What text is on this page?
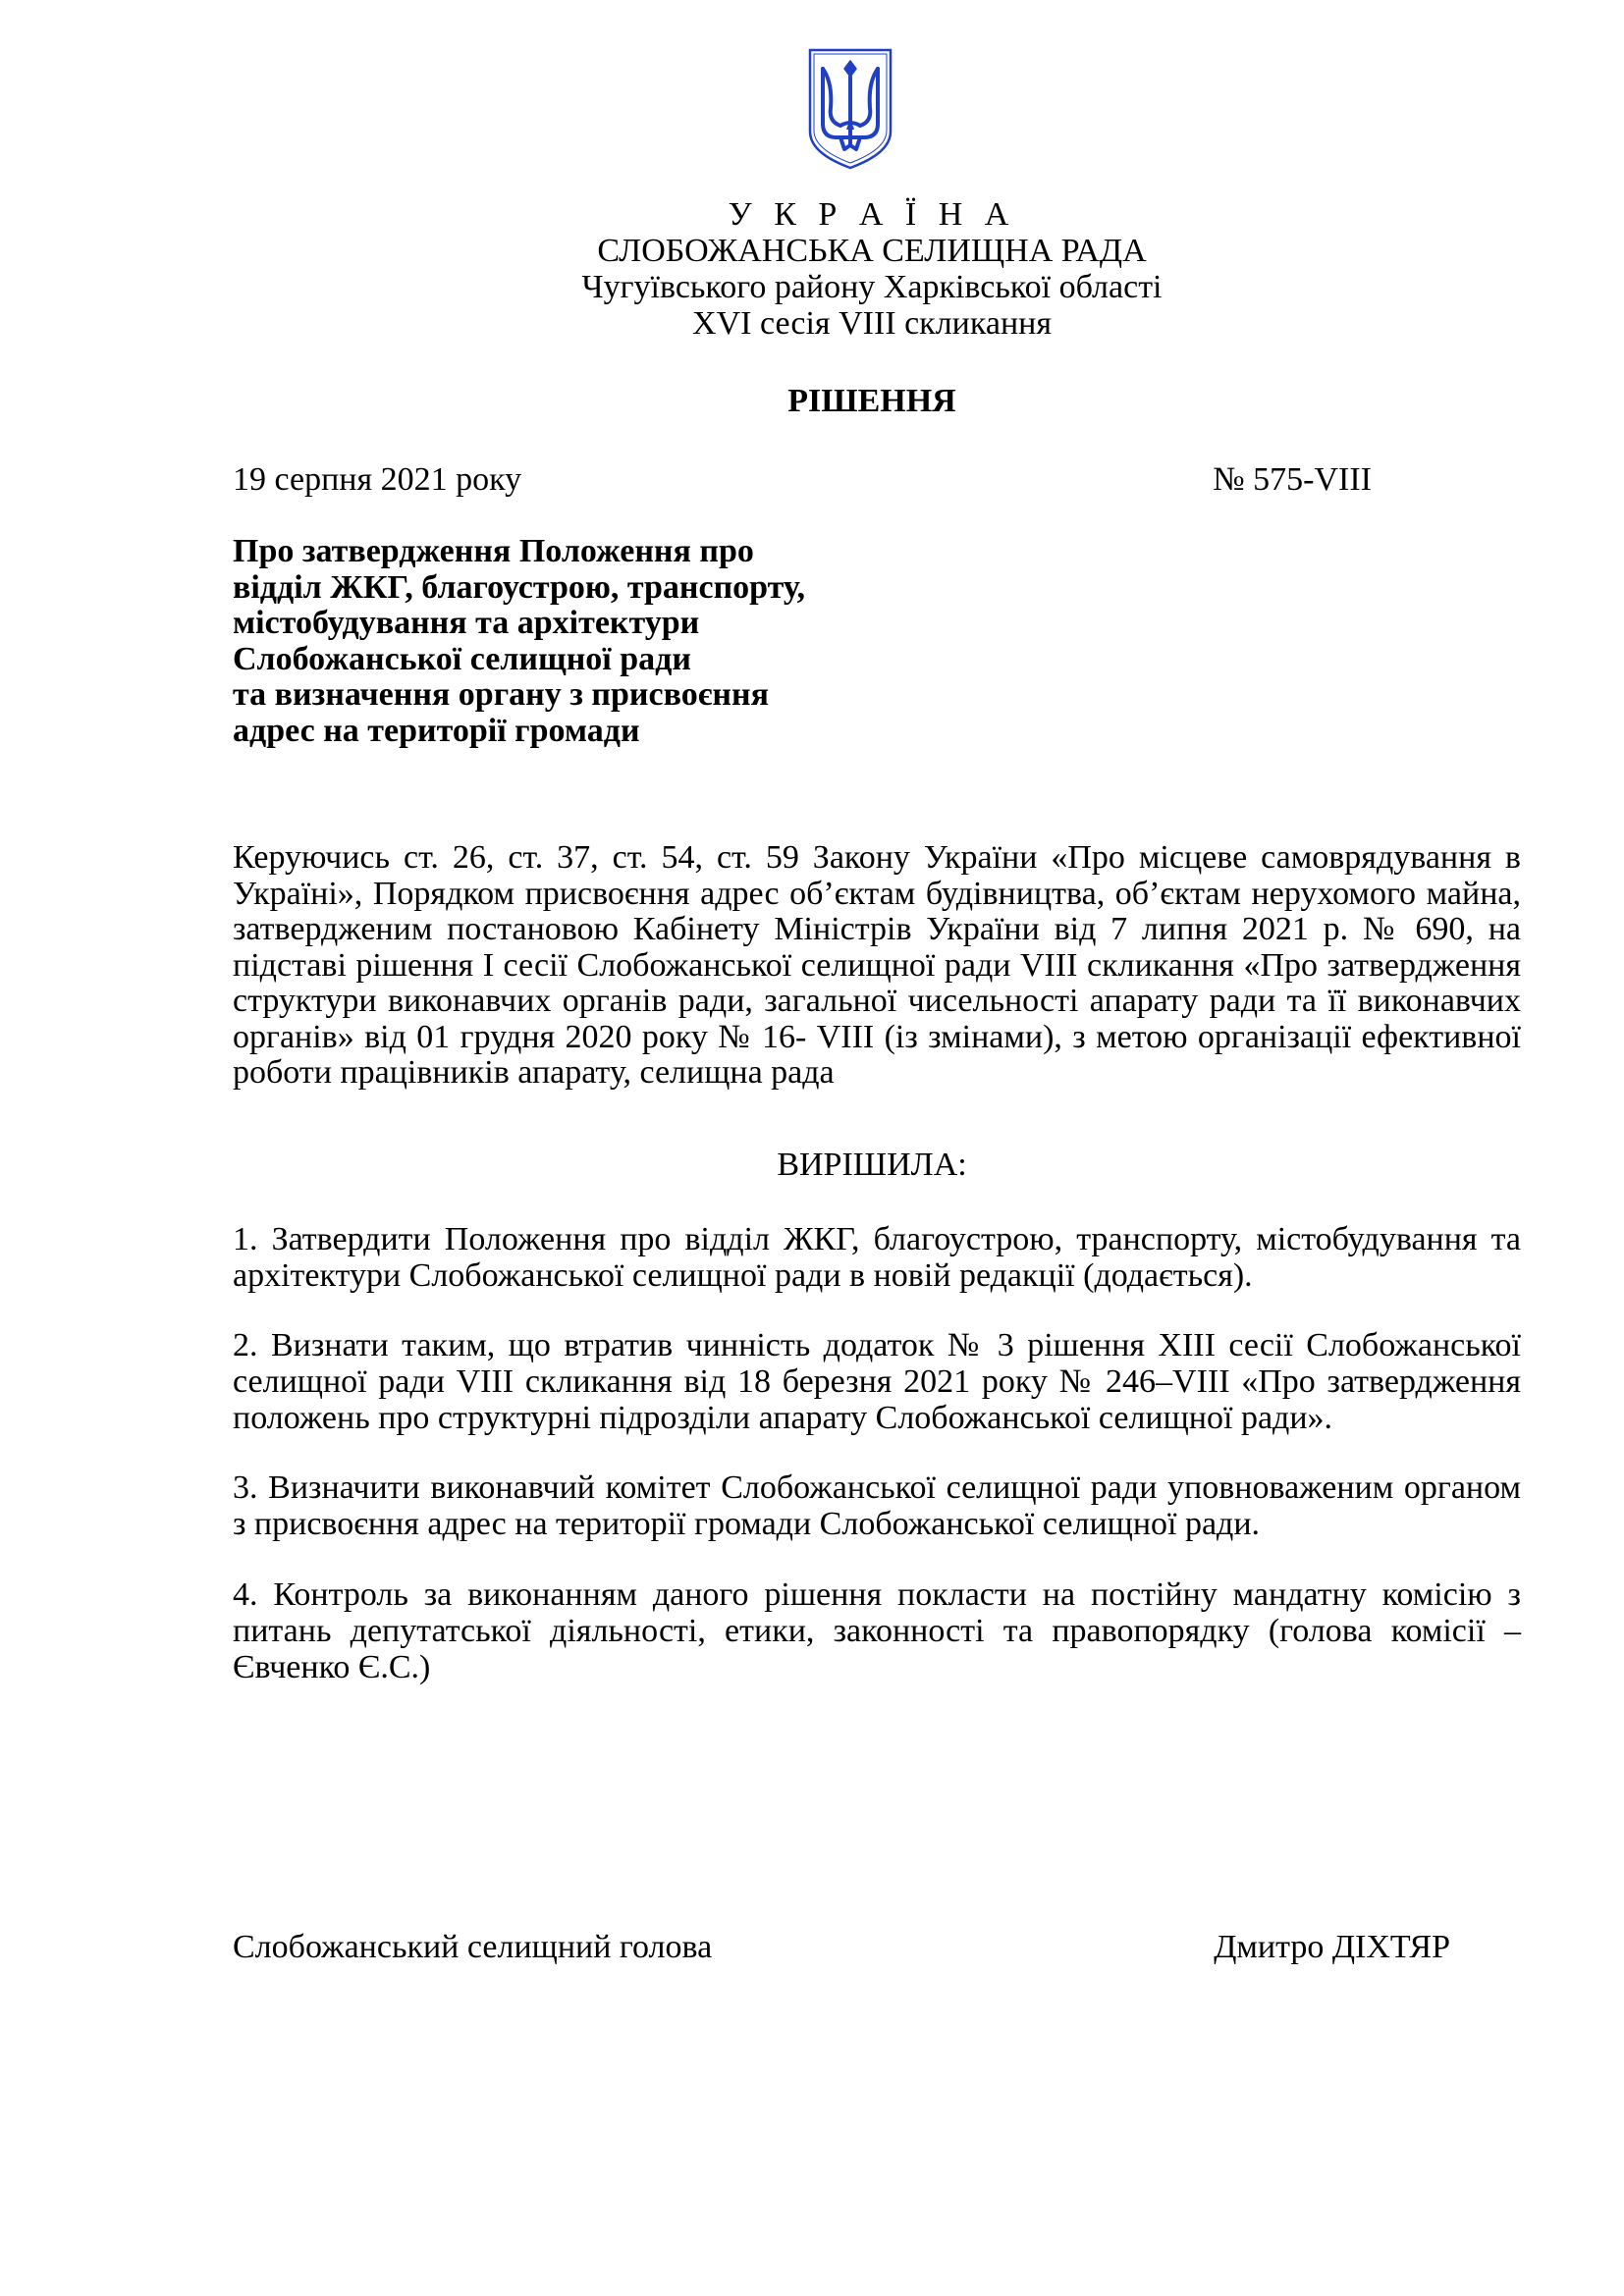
У К Р А Ї Н А
СЛОБОЖАНСЬКА СЕЛИЩНА РАДА
Чугуївського району Харківської області
XVI сесія VIII скликання
РІШЕННЯ
19 серпня 2021 року	№ 575-VIII
Про затвердження Положення про
відділ ЖКГ, благоустрою, транспорту,
містобудування та архітектури
Слобожанської селищної ради
та визначення органу з присвоєння
адрес на території громади
Керуючись ст. 26, ст. 37, ст. 54, ст. 59 Закону України «Про місцеве самоврядування в
Україні», Порядком присвоєння адрес об’єктам будівництва, об’єктам нерухомого майна,
затвердженим постановою Кабінету Міністрів України від 7 липня 2021 р. № 690, на
підставі рішення І сесії Слобожанської селищної ради VІІІ скликання «Про затвердження
структури виконавчих органів ради, загальної чисельності апарату ради та її виконавчих
органів» від 01 грудня 2020 року № 16- VIII (із змінами), з метою організації ефективної
роботи працівників апарату, селищна рада
ВИРІШИЛА:
1. Затвердити Положення про відділ ЖКГ, благоустрою, транспорту, містобудування та
архітектури Слобожанської селищної ради в новій редакції (додається).
2. Визнати таким, що втратив чинність додаток № 3 рішення ХІІІ сесії Слобожанської
селищної ради VIII скликання від 18 березня 2021 року № 246–VIII «Про затвердження
положень про структурні підрозділи апарату Слобожанської селищної ради».
3. Визначити виконавчий комітет Слобожанської селищної ради уповноваженим органом
з присвоєння адрес на території громади Слобожанської селищної ради.
4. Контроль за виконанням даного рішення покласти на постійну мандатну комісію з
питань депутатської діяльності, етики, законності та правопорядку (голова комісії –
Євченко Є.С.)
Слобожанський селищний голова	Дмитро ДІХТЯР
